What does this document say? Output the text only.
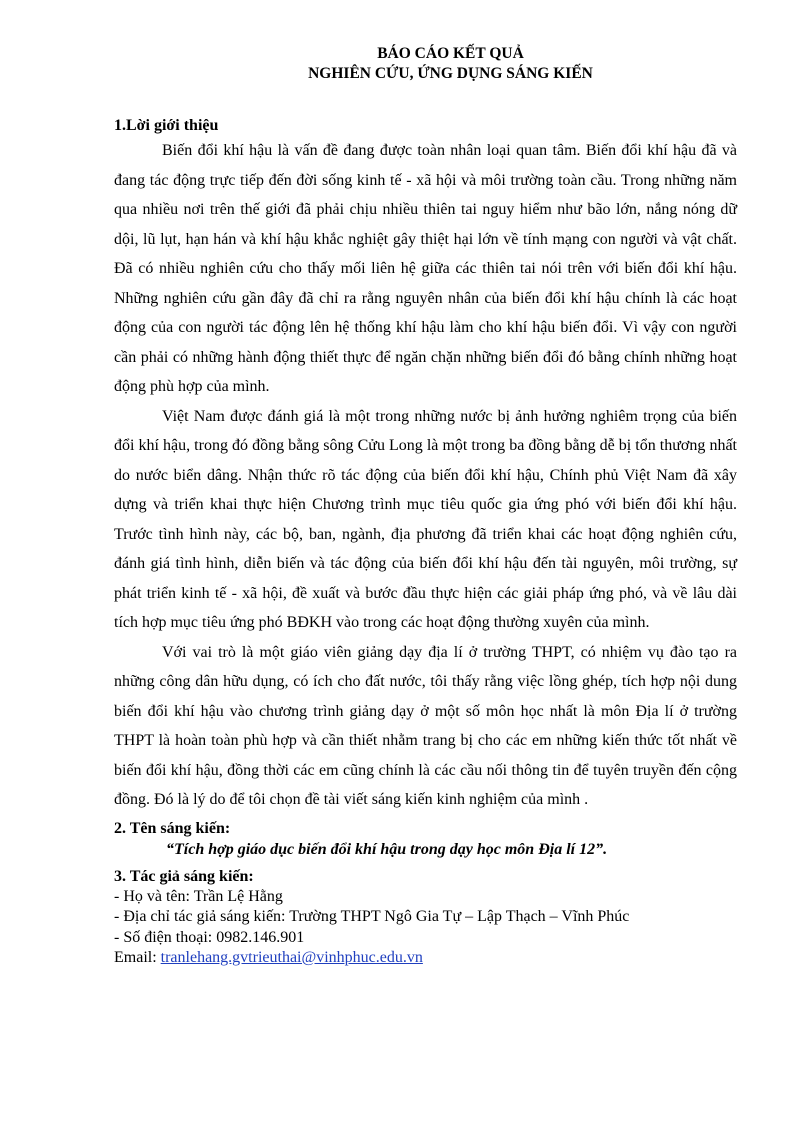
BÁO CÁO KẾT QUẢ
NGHIÊN CỨU, ỨNG DỤNG SÁNG KIẾN
1.Lời giới thiệu

Biến đổi khí hậu là vấn đề đang được toàn nhân loại quan tâm. Biến đổi khí hậu đã và đang tác động trực tiếp đến đời sống kinh tế - xã hội và môi trường toàn cầu. Trong những năm qua nhiều nơi trên thế giới đã phải chịu nhiều thiên tai nguy hiểm như bão lớn, nắng nóng dữ dội, lũ lụt, hạn hán và khí hậu khắc nghiệt gây thiệt hại lớn về tính mạng con người và vật chất. Đã có nhiều nghiên cứu cho thấy mối liên hệ giữa các thiên tai nói trên với biến đổi khí hậu. Những nghiên cứu gần đây đã chỉ ra rằng nguyên nhân của biến đổi khí hậu chính là các hoạt động của con người tác động lên hệ thống khí hậu làm cho khí hậu biến đổi. Vì vậy con người cần phải có những hành động thiết thực để ngăn chặn những biến đổi đó bằng chính những hoạt động phù hợp của mình.

Việt Nam được đánh giá là một trong những nước bị ảnh hưởng nghiêm trọng của biến đổi khí hậu, trong đó đồng bằng sông Cửu Long là một trong ba đồng bằng dễ bị tổn thương nhất do nước biển dâng. Nhận thức rõ tác động của biến đổi khí hậu, Chính phủ Việt Nam đã xây dựng và triển khai thực hiện Chương trình mục tiêu quốc gia ứng phó với biến đổi khí hậu. Trước tình hình này, các bộ, ban, ngành, địa phương đã triển khai các hoạt động nghiên cứu, đánh giá tình hình, diễn biến và tác động của biến đổi khí hậu đến tài nguyên, môi trường, sự phát triển kinh tế - xã hội, đề xuất và bước đầu thực hiện các giải pháp ứng phó, và về lâu dài tích hợp mục tiêu ứng phó BĐKH vào trong các hoạt động thường xuyên của mình.

Với vai trò là một giáo viên giảng dạy địa lí ở trường THPT, có nhiệm vụ đào tạo ra những công dân hữu dụng, có ích cho đất nước, tôi thấy rằng việc lồng ghép, tích hợp nội dung biến đổi khí hậu vào chương trình giảng dạy ở một số môn học nhất là môn Địa lí ở trường THPT là hoàn toàn phù hợp và cần thiết nhằm trang bị cho các em những kiến thức tốt nhất về biến đổi khí hậu, đồng thời các em cũng chính là các cầu nối thông tin để tuyên truyền đến cộng đồng. Đó là lý do để tôi chọn đề tài viết sáng kiến kinh nghiệm của mình .

2. Tên sáng kiến:
“Tích hợp giáo dục biến đổi khí hậu trong dạy học môn Địa lí 12”.
3. Tác giả sáng kiến:
- Họ và tên: Trần Lệ Hằng
- Địa chỉ tác giả sáng kiến: Trường THPT Ngô Gia Tự – Lập Thạch – Vĩnh Phúc
- Số điện thoại: 0982.146.901
Email: tranlehang.gvtrieuthai@vinhphuc.edu.vn
